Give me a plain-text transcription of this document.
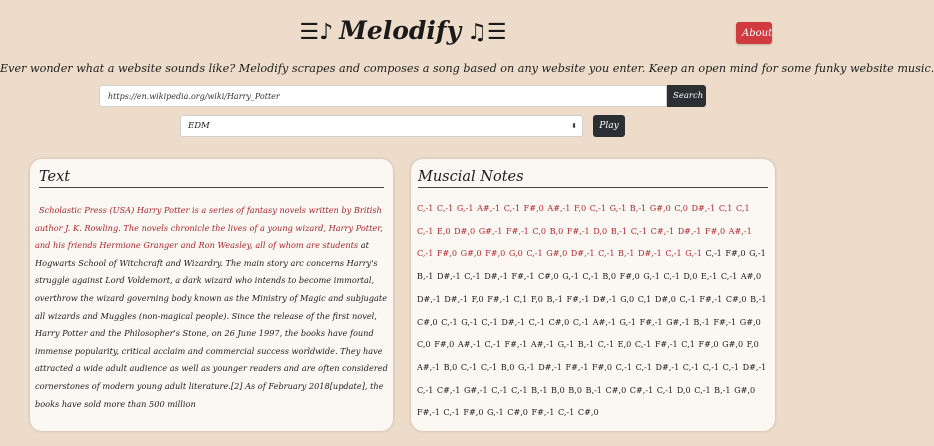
☰♪ Melodify ♫☰	About
Ever wonder what a website sounds like? Melodify scrapes and composes a song based on any website you enter. Keep an open mind for some funky website music.
https://en.wikipedia.org/wiki/Harry_Potter
Search
EDM	⬍	Play
Text
Scholastic Press (USA) Harry Potter is a series of fantasy novels written by British author J. K. Rowling. The novels chronicle the lives of a young wizard, Harry Potter, and his friends Hermione Granger and Ron Weasley, all of whom are students at Hogwarts School of Witchcraft and Wizardry. The main story arc concerns Harry's struggle against Lord Voldemort, a dark wizard who intends to become immortal, overthrow the wizard governing body known as the Ministry of Magic and subjugate all wizards and Muggles (non-magical people). Since the release of the first novel, Harry Potter and the Philosopher's Stone, on 26 June 1997, the books have found immense popularity, critical acclaim and commercial success worldwide. They have attracted a wide adult audience as well as younger readers and are often considered cornerstones of modern young adult literature.[2] As of February 2018[update], the books have sold more than 500 million
Muscial Notes
C,-1 C,-1 G,-1 A#,-1 C,-1 F#,0 A#,-1 F,0 C,-1 G,-1 B,-1 G#,0 C,0 D#,-1 C,1 C,1 C,-1 E,0 D#,0 G#,-1 F#,-1 C,0 B,0 F#,-1 D,0 B,-1 C,-1 C#,-1 D#,-1 F#,0 A#,-1 C,-1 F#,0 G#,0 F#,0 G,0 C,-1 G#,0 D#,-1 C,-1 B,-1 D#,-1 C,-1 G,-1 C,-1 F#,0 G,-1 B,-1 D#,-1 C,-1 D#,-1 F#,-1 C#,0 G,-1 C,-1 B,0 F#,0 G,-1 C,-1 D,0 E,-1 C,-1 A#,0 D#,-1 D#,-1 F,0 F#,-1 C,1 F,0 B,-1 F#,-1 D#,-1 G,0 C,1 D#,0 C,-1 F#,-1 C#,0 B,-1 C#,0 C,-1 G,-1 C,-1 D#,-1 C,-1 C#,0 C,-1 A#,-1 G,-1 F#,-1 G#,-1 B,-1 F#,-1 G#,0 C,0 F#,0 A#,-1 C,-1 F#,-1 A#,-1 G,-1 B,-1 C,-1 E,0 C,-1 F#,-1 C,1 F#,0 G#,0 F,0 A#,-1 B,0 C,-1 C,-1 B,0 G,-1 D#,-1 F#,-1 F#,0 C,-1 C,-1 D#,-1 C,-1 C,-1 C,-1 D#,-1 C,-1 C#,-1 G#,-1 C,-1 C,-1 B,-1 B,0 B,0 B,-1 C#,0 C#,-1 C,-1 D,0 C,-1 B,-1 G#,0 F#,-1 C,-1 F#,0 G,-1 C#,0 F#,-1 C,-1 C#,0
